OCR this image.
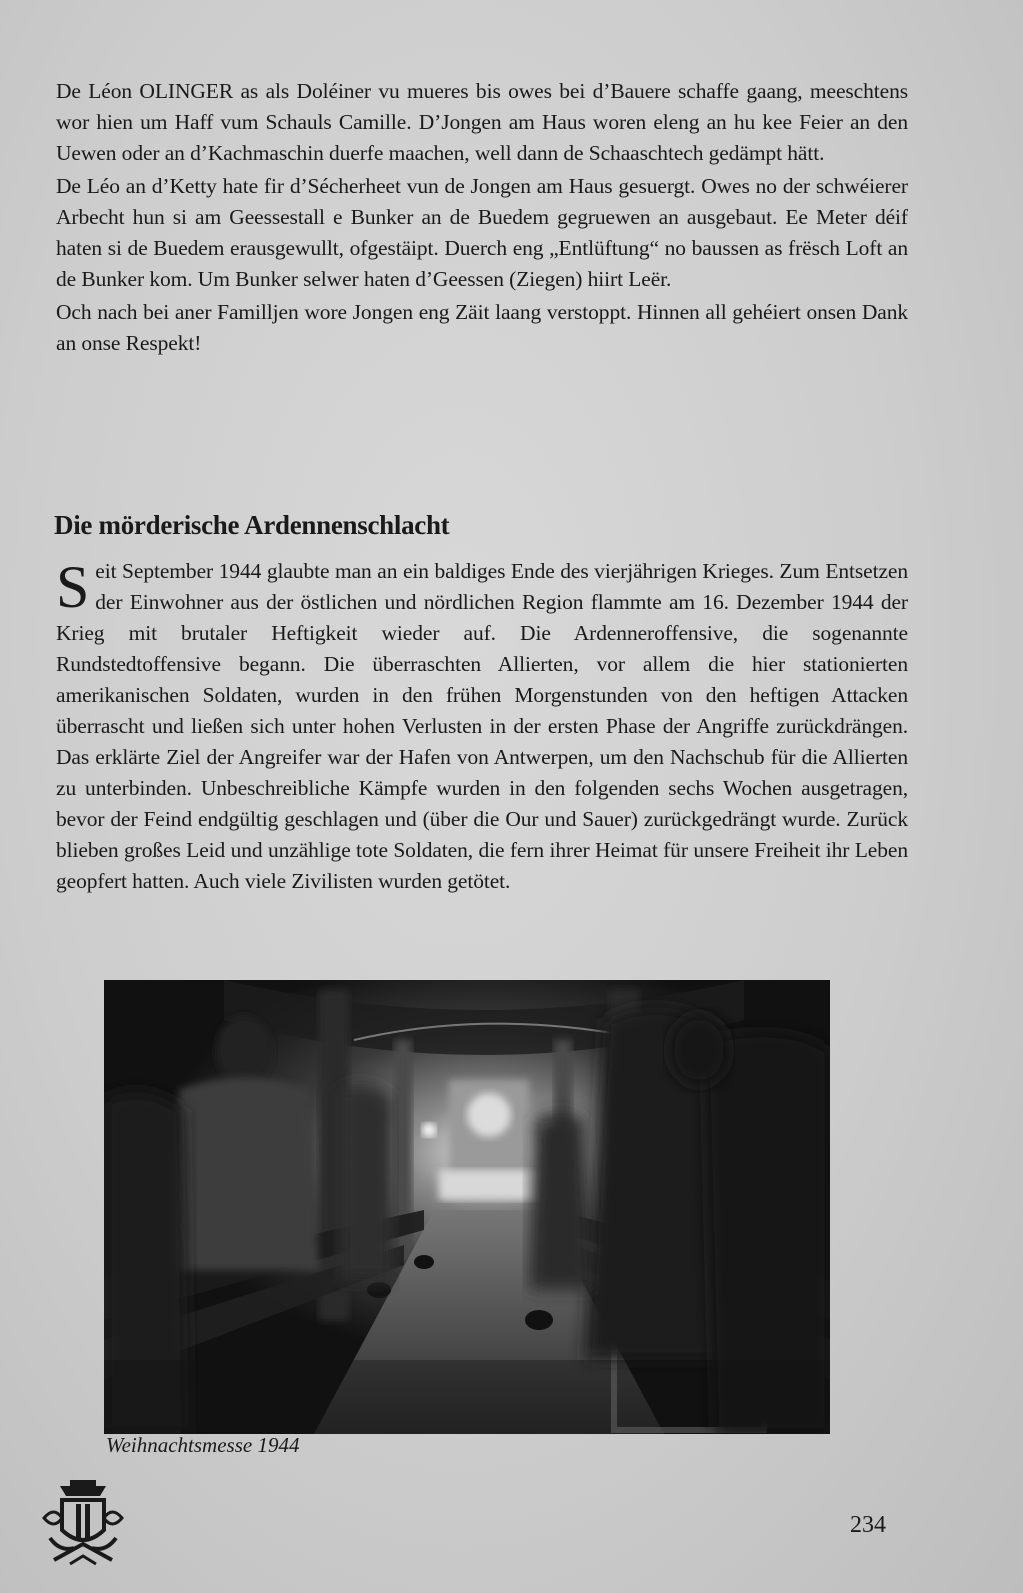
De Léon OLINGER as als Doléiner vu mueres bis owes bei d’Bauere schaffe gaang, meeschtens wor hien um Haff vum Schauls Camille. D’Jongen am Haus woren eleng an hu kee Feier an den Uewen oder an d’Kachmaschin duerfe maachen, well dann de Schaaschtech gedämpt hätt.

De Léo an d’Ketty hate fir d’Sécherheet vun de Jongen am Haus gesuergt. Owes no der schwéierer Arbecht hun si am Geessestall e Bunker an de Buedem gegruewen an ausgebaut. Ee Meter déif haten si de Buedem erausgewullt, ofgestäipt. Duerch eng „Entlüftung“ no baussen as frësch Loft an de Bunker kom. Um Bunker selwer haten d’Geessen (Ziegen) hiirt Leër.

Och nach bei aner Familljen wore Jongen eng Zäit laang verstoppt. Hinnen all gehéiert onsen Dank an onse Respekt!

Die mörderische Ardennenschlacht

Seit September 1944 glaubte man an ein baldiges Ende des vierjährigen Krieges. Zum Entsetzen der Einwohner aus der östlichen und nördlichen Region flammte am 16. Dezember 1944 der Krieg mit brutaler Heftigkeit wieder auf. Die Ardenneroffensive, die sogenannte Rundstedtoffensive begann. Die überraschten Allierten, vor allem die hier stationierten amerikanischen Soldaten, wurden in den frühen Morgenstunden von den heftigen Attacken überrascht und ließen sich unter hohen Verlusten in der ersten Phase der Angriffe zurückdrängen. Das erklärte Ziel der Angreifer war der Hafen von Antwerpen, um den Nachschub für die Allierten zu unterbinden. Unbeschreibliche Kämpfe wurden in den folgenden sechs Wochen ausgetragen, bevor der Feind endgültig geschlagen und (über die Our und Sauer) zurückgedrängt wurde. Zurück blieben großes Leid und unzählige tote Soldaten, die fern ihrer Heimat für unsere Freiheit ihr Leben geopfert hatten. Auch viele Zivilisten wurden getötet.

Weihnachtsmesse 1944
234
